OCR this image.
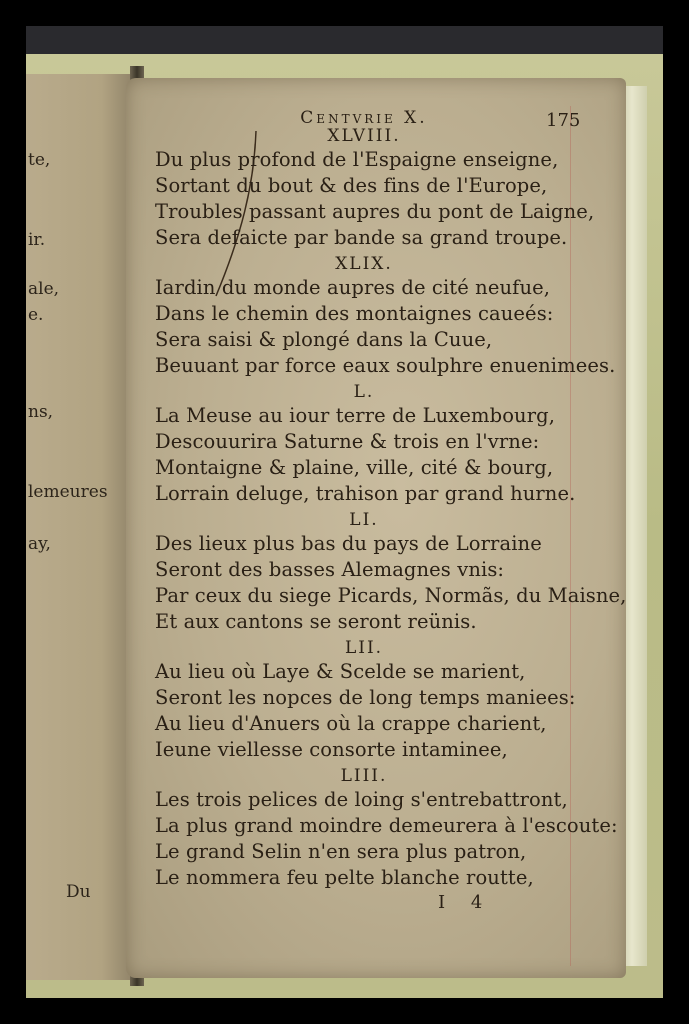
te,
ir.
ale,
e.
ns,
lemeures
ay,
Du
Centvrie X.	175
XLVIII.
Du plus profond de l'Espaigne enseigne,
Sortant du bout & des fins de l'Europe,
Troubles passant aupres du pont de Laigne,
Sera defaicte par bande sa grand troupe.
XLIX.
Iardin du monde aupres de cité neufue,
Dans le chemin des montaignes caueés:
Sera saisi & plongé dans la Cuue,
Beuuant par force eaux soulphre enuenimees.
L.
La Meuse au iour terre de Luxembourg,
Descouurira Saturne & trois en l'vrne:
Montaigne & plaine, ville, cité & bourg,
Lorrain deluge, trahison par grand hurne.
LI.
Des lieux plus bas du pays de Lorraine
Seront des basses Alemagnes vnis:
Par ceux du siege Picards, Normãs, du Maisne,
Et aux cantons se seront reünis.
LII.
Au lieu où Laye & Scelde se marient,
Seront les nopces de long temps maniees:
Au lieu d'Anuers où la crappe charient,
Ieune viellesse consorte intaminee,
LIII.
Les trois pelices de loing s'entrebattront,
La plus grand moindre demeurera à l'escoute:
Le grand Selin n'en sera plus patron,
Le nommera feu pelte blanche routte,
I 4
